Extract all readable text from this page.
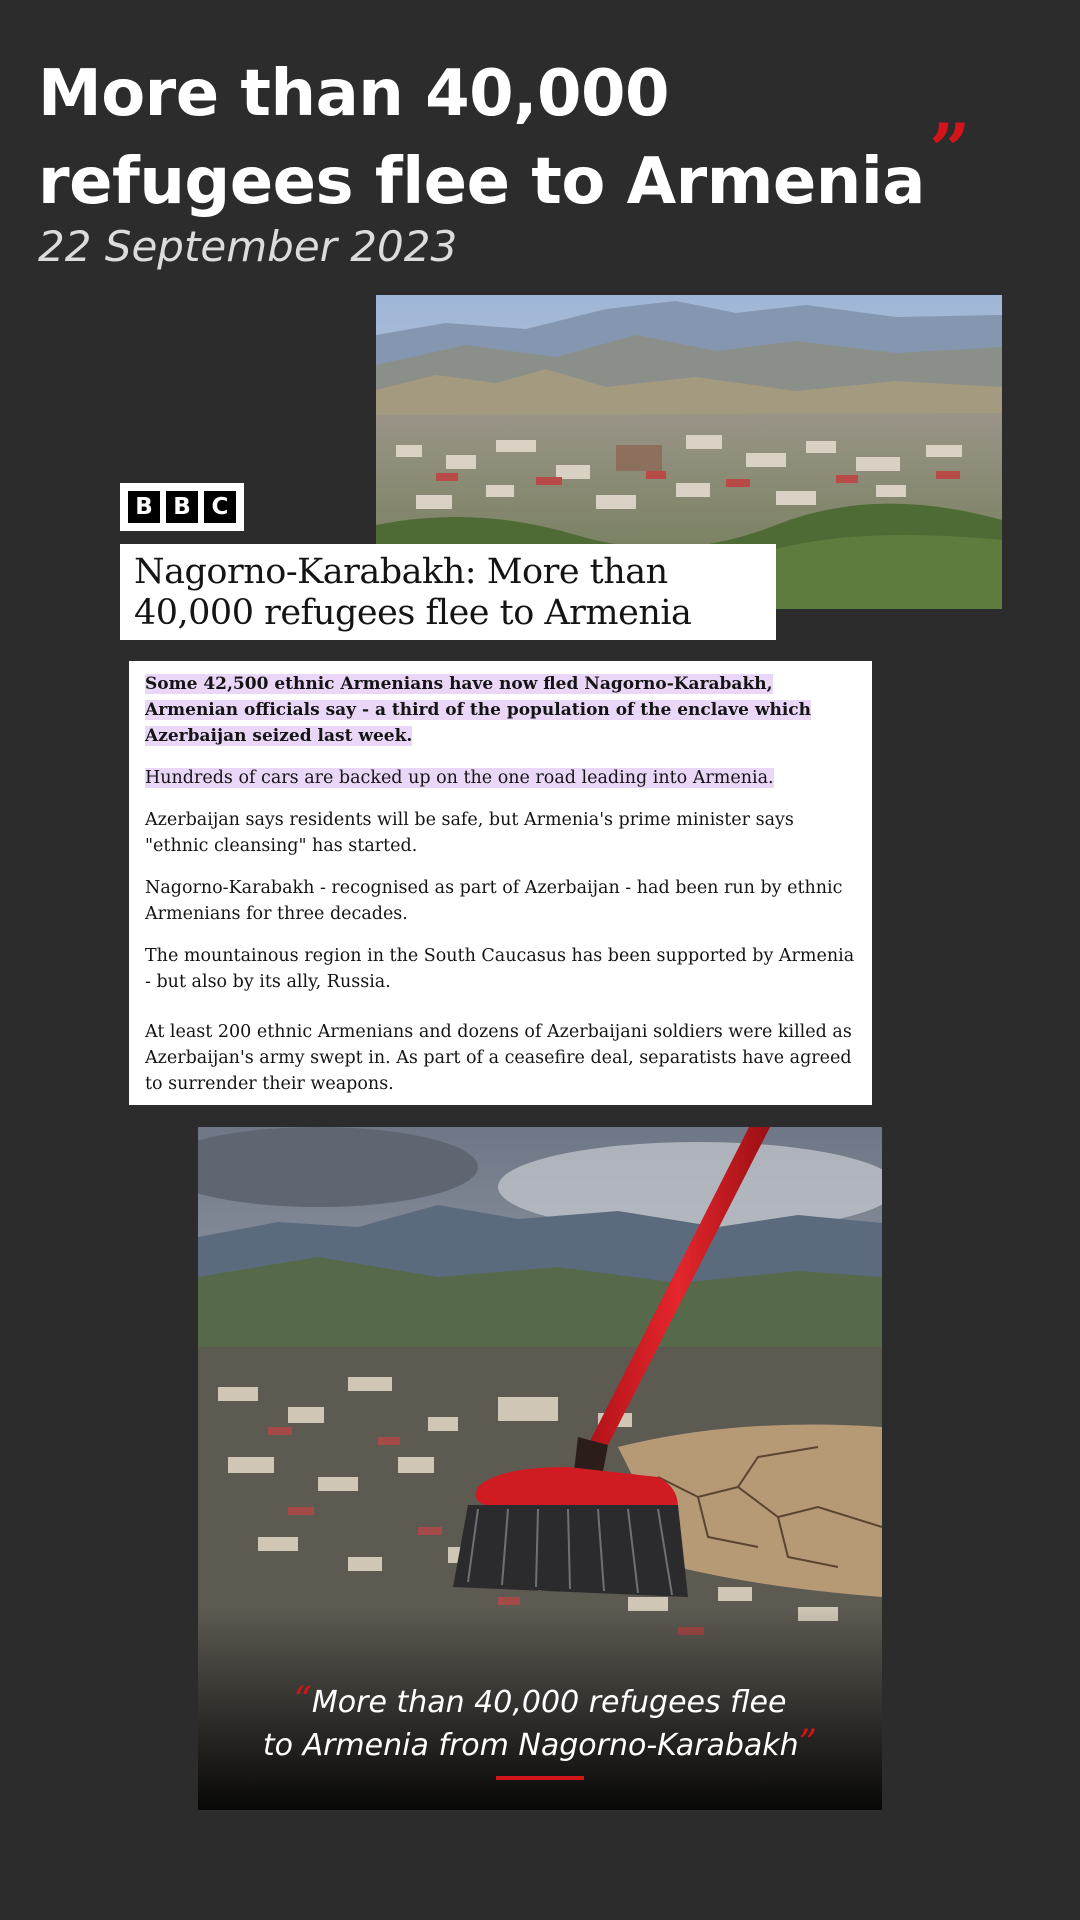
More than 40,000
refugees flee to Armenia”
22 September 2023
B B C
Nagorno-Karabakh: More than 40,000 refugees flee to Armenia

Some 42,500 ethnic Armenians have now fled Nagorno-Karabakh, Armenian officials say - a third of the population of the enclave which Azerbaijan seized last week.

Hundreds of cars are backed up on the one road leading into Armenia.

Azerbaijan says residents will be safe, but Armenia's prime minister says "ethnic cleansing" has started.

Nagorno-Karabakh - recognised as part of Azerbaijan - had been run by ethnic Armenians for three decades.

The mountainous region in the South Caucasus has been supported by Armenia - but also by its ally, Russia.

At least 200 ethnic Armenians and dozens of Azerbaijani soldiers were killed as Azerbaijan's army swept in. As part of a ceasefire deal, separatists have agreed to surrender their weapons.

“More than 40,000 refugees flee
to Armenia from Nagorno-Karabakh”
